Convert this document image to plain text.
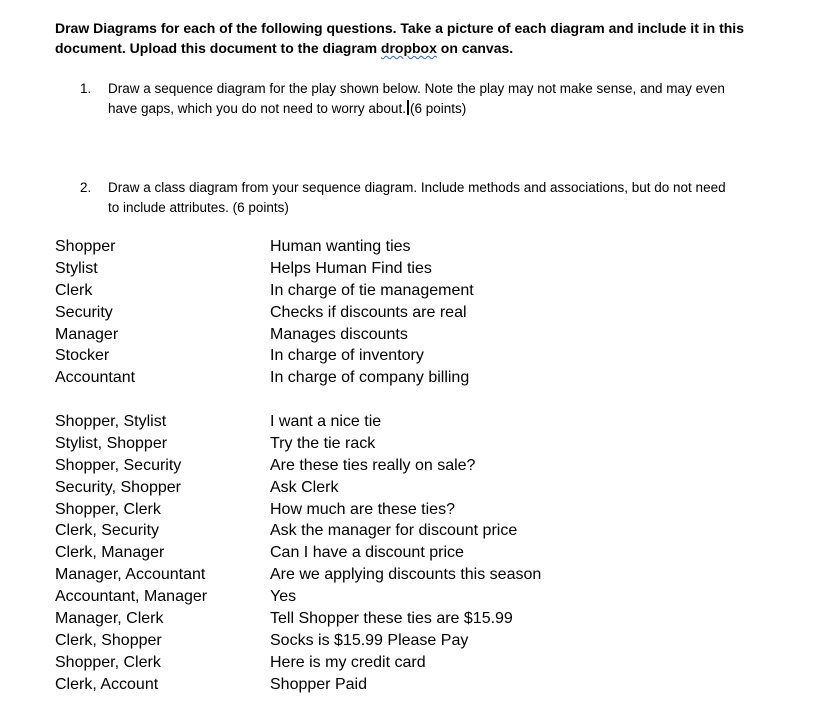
Draw Diagrams for each of the following questions. Take a picture of each diagram and include it in this document. Upload this document to the diagram dropbox on canvas.
1.	Draw a sequence diagram for the play shown below. Note the play may not make sense, and may even have gaps, which you do not need to worry about. (6 points)
2.	Draw a class diagram from your sequence diagram. Include methods and associations, but do not need to include attributes. (6 points)
Shopper	Human wanting ties
Stylist	Helps Human Find ties
Clerk	In charge of tie management
Security	Checks if discounts are real
Manager	Manages discounts
Stocker	In charge of inventory
Accountant	In charge of company billing
Shopper, Stylist	I want a nice tie
Stylist, Shopper	Try the tie rack
Shopper, Security	Are these ties really on sale?
Security, Shopper	Ask Clerk
Shopper, Clerk	How much are these ties?
Clerk, Security	Ask the manager for discount price
Clerk, Manager	Can I have a discount price
Manager, Accountant	Are we applying discounts this season
Accountant, Manager	Yes
Manager, Clerk	Tell Shopper these ties are $15.99
Clerk, Shopper	Socks is $15.99 Please Pay
Shopper, Clerk	Here is my credit card
Clerk, Account	Shopper Paid
